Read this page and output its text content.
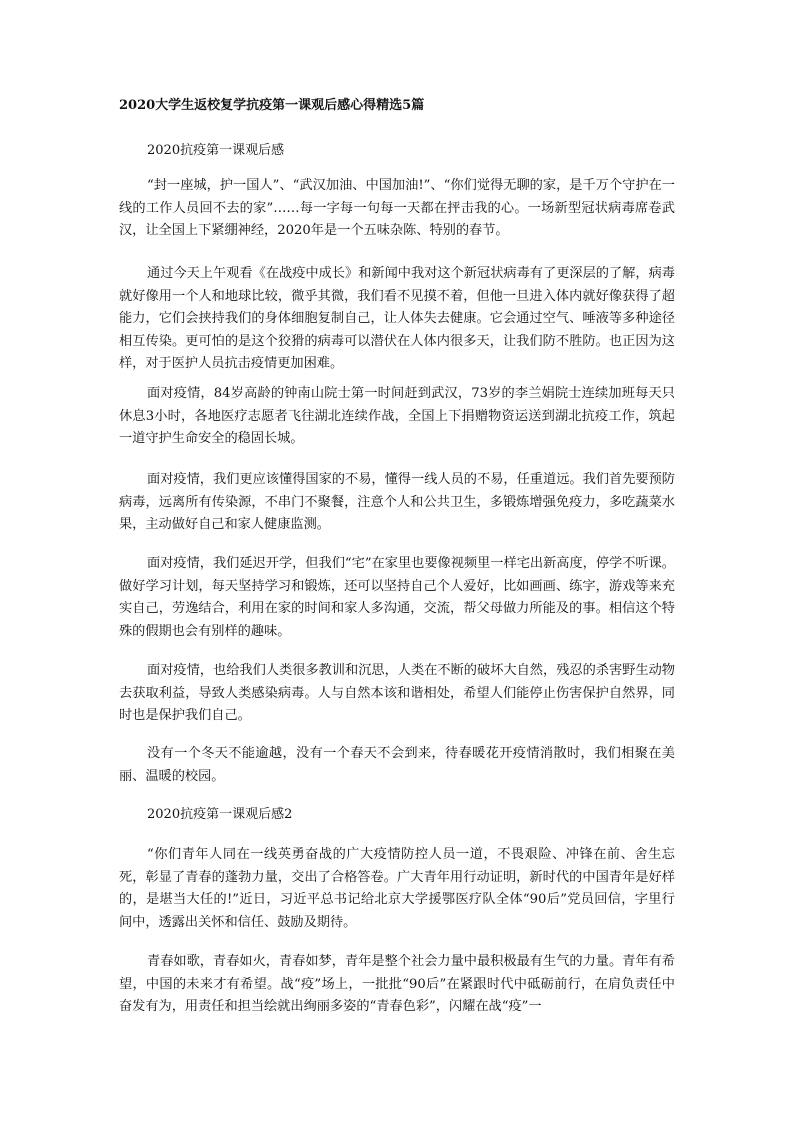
2020大学生返校复学抗疫第一课观后感心得精选5篇
2020抗疫第一课观后感

“封一座城，护一国人”、“武汉加油、中国加油!”、“你们觉得无聊的家，是千万个守护在一线的工作人员回不去的家”……每一字每一句每一天都在抨击我的心。一场新型冠状病毒席卷武汉，让全国上下紧绷神经，2020年是一个五味杂陈、特别的春节。

通过今天上午观看《在战疫中成长》和新闻中我对这个新冠状病毒有了更深层的了解，病毒就好像用一个人和地球比较，微乎其微，我们看不见摸不着，但他一旦进入体内就好像获得了超能力，它们会挟持我们的身体细胞复制自己，让人体失去健康。它会通过空气、唾液等多种途径相互传染。更可怕的是这个狡猾的病毒可以潜伏在人体内很多天，让我们防不胜防。也正因为这样，对于医护人员抗击疫情更加困难。

面对疫情，84岁高龄的钟南山院士第一时间赶到武汉，73岁的李兰娟院士连续加班每天只休息3小时，各地医疗志愿者飞往湖北连续作战，全国上下捐赠物资运送到湖北抗疫工作，筑起一道守护生命安全的稳固长城。

面对疫情，我们更应该懂得国家的不易，懂得一线人员的不易，任重道远。我们首先要预防病毒，远离所有传染源，不串门不聚餐，注意个人和公共卫生，多锻炼增强免疫力，多吃蔬菜水果，主动做好自己和家人健康监测。

面对疫情，我们延迟开学，但我们“宅”在家里也要像视频里一样宅出新高度，停学不听课。做好学习计划，每天坚持学习和锻炼，还可以坚持自己个人爱好，比如画画、练字，游戏等来充实自己，劳逸结合，利用在家的时间和家人多沟通，交流，帮父母做力所能及的事。相信这个特殊的假期也会有别样的趣味。

面对疫情，也给我们人类很多教训和沉思，人类在不断的破坏大自然，残忍的杀害野生动物去获取利益，导致人类感染病毒。人与自然本该和谐相处，希望人们能停止伤害保护自然界，同时也是保护我们自己。

没有一个冬天不能逾越，没有一个春天不会到来，待春暖花开疫情消散时，我们相聚在美丽、温暖的校园。

2020抗疫第一课观后感2

“你们青年人同在一线英勇奋战的广大疫情防控人员一道，不畏艰险、冲锋在前、舍生忘死，彰显了青春的蓬勃力量，交出了合格答卷。广大青年用行动证明，新时代的中国青年是好样的，是堪当大任的!”近日，习近平总书记给北京大学援鄂医疗队全体“90后”党员回信，字里行间中，透露出关怀和信任、鼓励及期待。

青春如歌，青春如火，青春如梦，青年是整个社会力量中最积极最有生气的力量。青年有希望，中国的未来才有希望。战“疫”场上，一批批“90后”在紧跟时代中砥砺前行，在肩负责任中奋发有为，用责任和担当绘就出绚丽多姿的“青春色彩”，闪耀在战“疫”一
